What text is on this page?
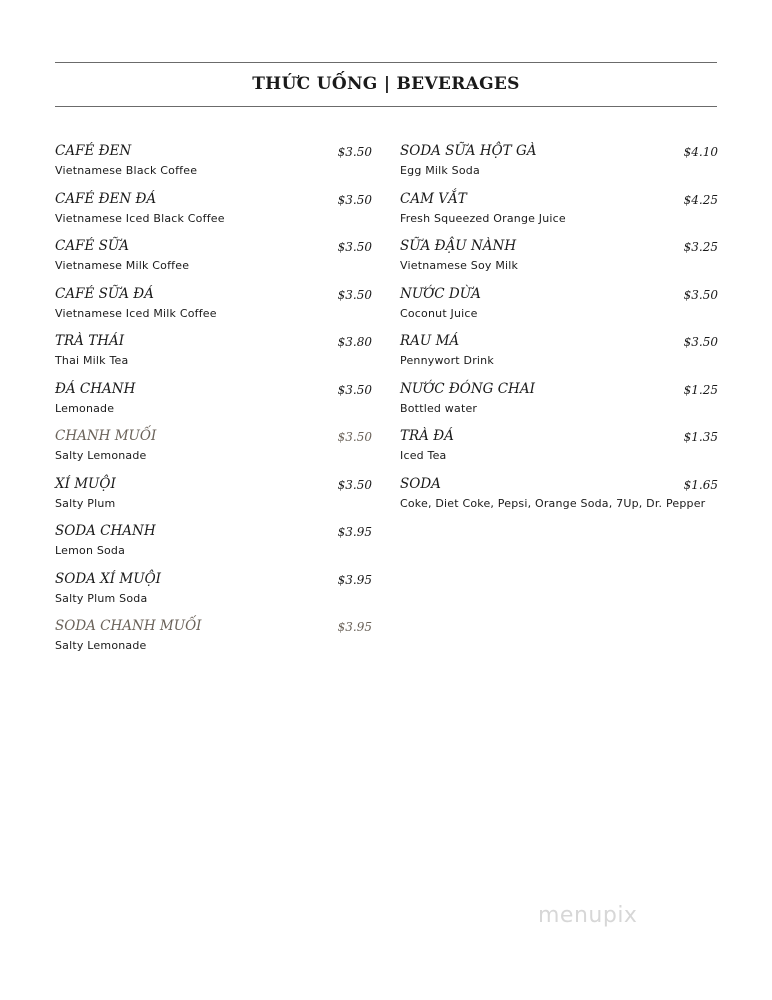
THỨC UỐNG | BEVERAGES
CAFÉ ĐEN	$3.50
Vietnamese Black Coffee
CAFÉ ĐEN ĐÁ	$3.50
Vietnamese Iced Black Coffee
CAFÉ SỮA	$3.50
Vietnamese Milk Coffee
CAFÉ SỮA ĐÁ	$3.50
Vietnamese Iced Milk Coffee
TRÀ THÁI	$3.80
Thai Milk Tea
ĐÁ CHANH	$3.50
Lemonade
CHANH MUỐI	$3.50
Salty Lemonade
XÍ MUỘI	$3.50
Salty Plum
SODA CHANH	$3.95
Lemon Soda
SODA XÍ MUỘI	$3.95
Salty Plum Soda
SODA CHANH MUỐI	$3.95
Salty Lemonade
SODA SỮA HỘT GÀ	$4.10
Egg Milk Soda
CAM VẮT	$4.25
Fresh Squeezed Orange Juice
SỮA ĐẬU NÀNH	$3.25
Vietnamese Soy Milk
NƯỚC DỪA	$3.50
Coconut Juice
RAU MÁ	$3.50
Pennywort Drink
NƯỚC ĐÓNG CHAI	$1.25
Bottled water
TRÀ ĐÁ	$1.35
Iced Tea
SODA	$1.65
Coke, Diet Coke, Pepsi, Orange Soda, 7Up, Dr. Pepper
menupix
